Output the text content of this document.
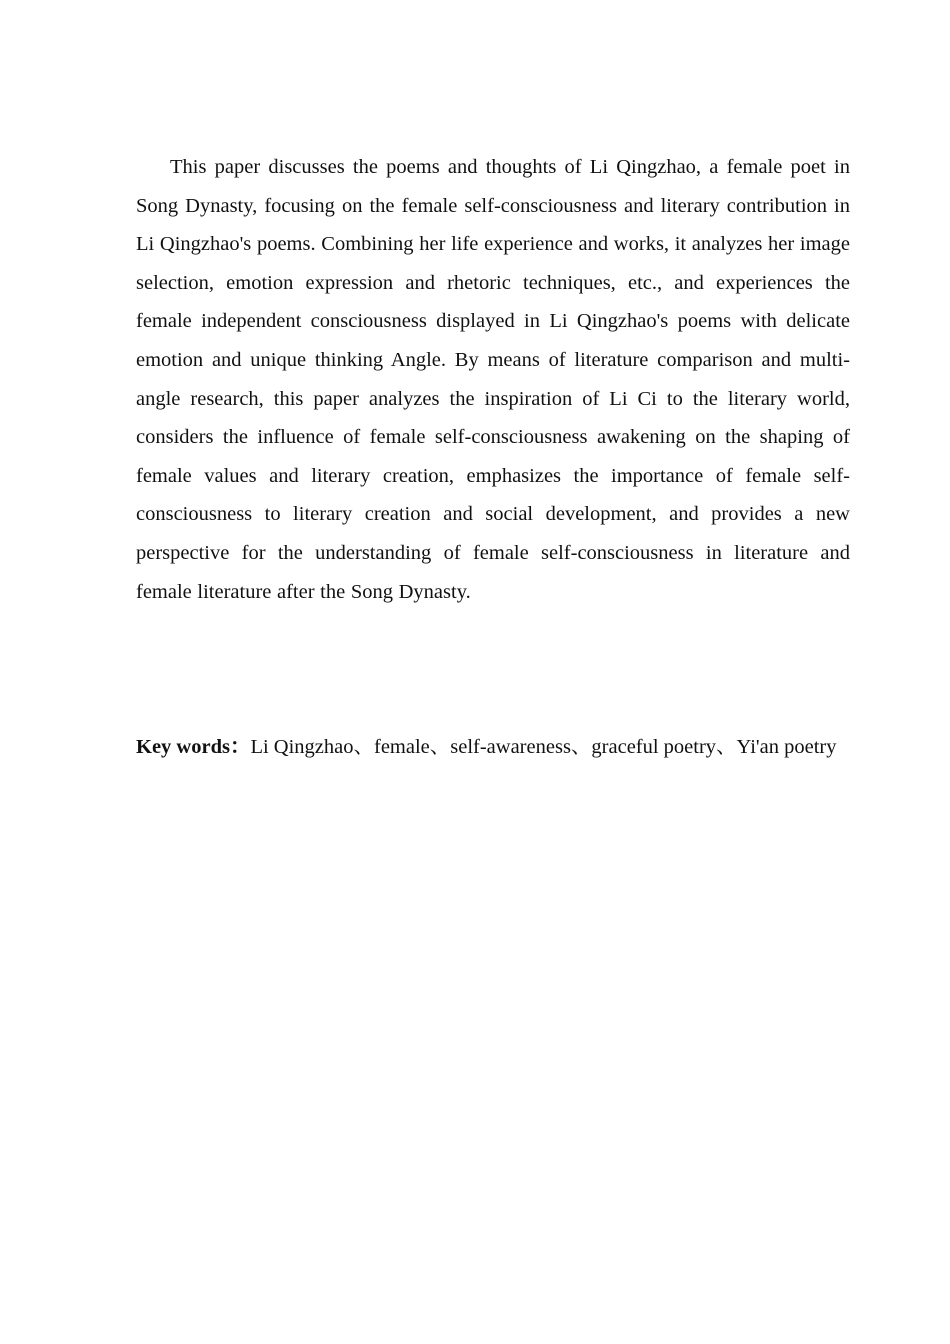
This paper discusses the poems and thoughts of Li Qingzhao, a female poet in Song Dynasty, focusing on the female self-consciousness and literary contribution in Li Qingzhao's poems. Combining her life experience and works, it analyzes her image selection, emotion expression and rhetoric techniques, etc., and experiences the female independent consciousness displayed in Li Qingzhao's poems with delicate emotion and unique thinking Angle. By means of literature comparison and multi-angle research, this paper analyzes the inspiration of Li Ci to the literary world, considers the influence of female self-consciousness awakening on the shaping of female values and literary creation, emphasizes the importance of female self-consciousness to literary creation and social development, and provides a new perspective for the understanding of female self-consciousness in literature and female literature after the Song Dynasty.

Key words：Li Qingzhao、female、self-awareness、graceful poetry、Yi'an poetry
